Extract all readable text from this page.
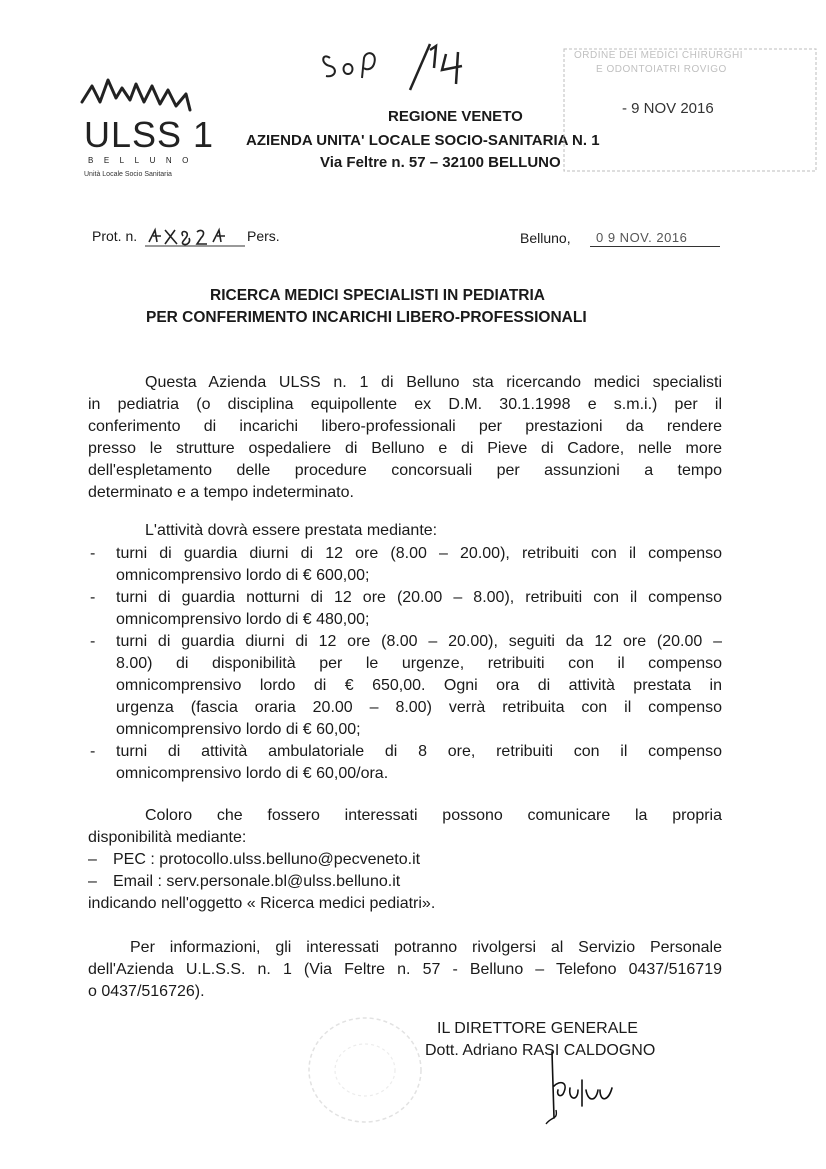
ULSS 1
BELLUNO
Unità Locale Socio Sanitaria
REGIONE VENETO
AZIENDA UNITA' LOCALE SOCIO-SANITARIA N. 1
Via Feltre n. 57 – 32100 BELLUNO
ORDINE DEI MEDICI CHIRURGHI
E ODONTOIATRI ROVIGO
- 9 NOV 2016
Prot. n.	Pers.	Belluno, 0 9 NOV. 2016
RICERCA MEDICI SPECIALISTI IN PEDIATRIA
PER CONFERIMENTO INCARICHI LIBERO-PROFESSIONALI
Questa Azienda ULSS n. 1 di Belluno sta ricercando medici specialisti
in pediatria (o disciplina equipollente ex D.M. 30.1.1998 e s.m.i.) per il
conferimento di incarichi libero-professionali per prestazioni da rendere
presso le strutture ospedaliere di Belluno e di Pieve di Cadore, nelle more
dell'espletamento delle procedure concorsuali per assunzioni a tempo
determinato e a tempo indeterminato.
L'attività dovrà essere prestata mediante:
- turni di guardia diurni di 12 ore (8.00 – 20.00), retribuiti con il compenso
omnicomprensivo lordo di € 600,00;
- turni di guardia notturni di 12 ore (20.00 – 8.00), retribuiti con il compenso
omnicomprensivo lordo di € 480,00;
- turni di guardia diurni di 12 ore (8.00 – 20.00), seguiti da 12 ore (20.00 –
8.00) di disponibilità per le urgenze, retribuiti con il compenso
omnicomprensivo lordo di € 650,00. Ogni ora di attività prestata in
urgenza (fascia oraria 20.00 – 8.00) verrà retribuita con il compenso
omnicomprensivo lordo di € 60,00;
- turni di attività ambulatoriale di 8 ore, retribuiti con il compenso
omnicomprensivo lordo di € 60,00/ora.
Coloro che fossero interessati possono comunicare la propria
disponibilità mediante:
– PEC : protocollo.ulss.belluno@pecveneto.it
– Email : serv.personale.bl@ulss.belluno.it
indicando nell'oggetto « Ricerca medici pediatri».
Per informazioni, gli interessati potranno rivolgersi al Servizio Personale
dell'Azienda U.L.S.S. n. 1 (Via Feltre n. 57 - Belluno – Telefono 0437/516719
o 0437/516726).
IL DIRETTORE GENERALE
Dott. Adriano RASI CALDOGNO
